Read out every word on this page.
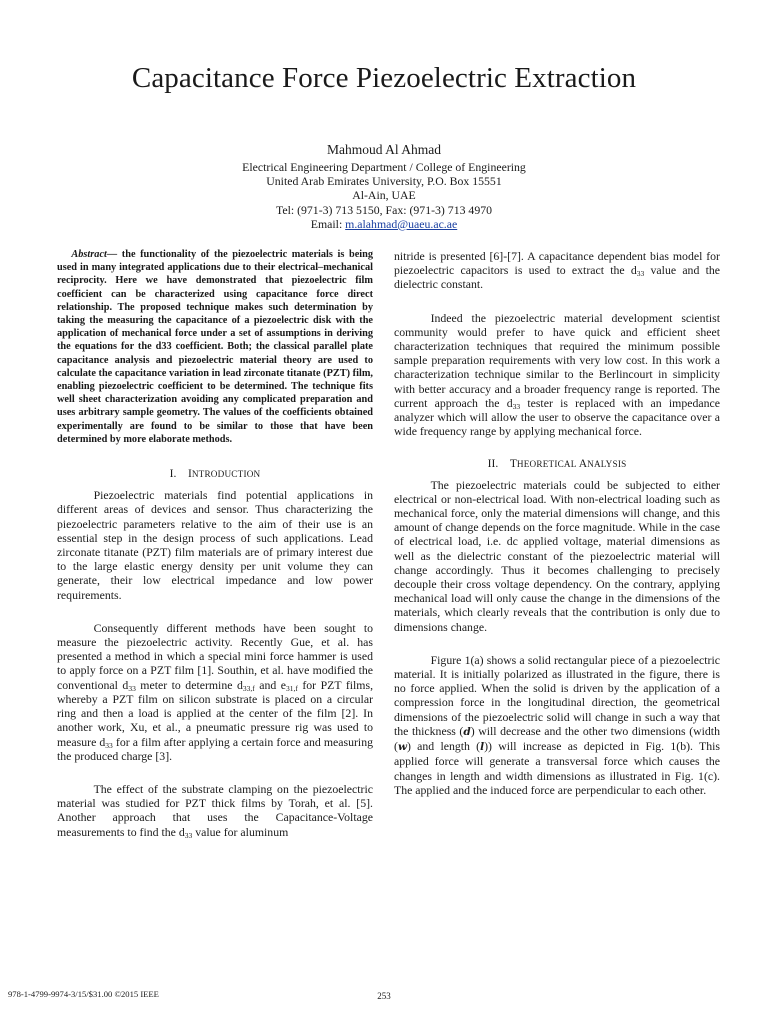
Capacitance Force Piezoelectric Extraction
Mahmoud Al Ahmad
Electrical Engineering Department / College of Engineering
United Arab Emirates University, P.O. Box 15551
Al-Ain, UAE
Tel: (971-3) 713 5150, Fax: (971-3) 713 4970
Email: m.alahmad@uaeu.ac.ae

Abstract— the functionality of the piezoelectric materials is being used in many integrated applications due to their electrical–mechanical reciprocity. Here we have demonstrated that piezoelectric film coefficient can be characterized using capacitance force direct relationship. The proposed technique makes such determination by taking the measuring the capacitance of a piezoelectric disk with the application of mechanical force under a set of assumptions in deriving the equations for the d33 coefficient. Both; the classical parallel plate capacitance analysis and piezoelectric material theory are used to calculate the capacitance variation in lead zirconate titanate (PZT) film, enabling piezoelectric coefficient to be determined. The technique fits well sheet characterization avoiding any complicated preparation and uses arbitrary sample geometry. The values of the coefficients obtained experimentally are found to be similar to those that have been determined by more elaborate methods.

I. INTRODUCTION

Piezoelectric materials find potential applications in different areas of devices and sensor. Thus characterizing the piezoelectric parameters relative to the aim of their use is an essential step in the design process of such applications. Lead zirconate titanate (PZT) film materials are of primary interest due to the large elastic energy density per unit volume they can generate, their low electrical impedance and low power requirements.

Consequently different methods have been sought to measure the piezoelectric activity. Recently Gue, et al. has presented a method in which a special mini force hammer is used to apply force on a PZT film [1]. Southin, et al. have modified the conventional $d_{33}$ meter to determine $d_{33,f}$ and $e_{31,f}$ for PZT films, whereby a PZT film on silicon substrate is placed on a circular ring and then a load is applied at the center of the film [2]. In another work, Xu, et al., a pneumatic pressure rig was used to measure $d_{33}$ for a film after applying a certain force and measuring the produced charge [3].

The effect of the substrate clamping on the piezoelectric material was studied for PZT thick films by Torah, et al. [5]. Another approach that uses the Capacitance-Voltage measurements to find the $d_{33}$ value for aluminum

nitride is presented [6]-[7]. A capacitance dependent bias model for piezoelectric capacitors is used to extract the $d_{33}$ value and the dielectric constant.

Indeed the piezoelectric material development scientist community would prefer to have quick and efficient sheet characterization techniques that required the minimum possible sample preparation requirements with very low cost. In this work a characterization technique similar to the Berlincourt in simplicity with better accuracy and a broader frequency range is reported. The current approach the $d_{33}$ tester is replaced with an impedance analyzer which will allow the user to observe the capacitance over a wide frequency range by applying mechanical force.

II. THEORETICAL ANALYSIS

The piezoelectric materials could be subjected to either electrical or non-electrical load. With non-electrical loading such as mechanical force, only the material dimensions will change, and this amount of change depends on the force magnitude. While in the case of electrical load, i.e. dc applied voltage, material dimensions as well as the dielectric constant of the piezoelectric material will change accordingly. Thus it becomes challenging to precisely decouple their cross voltage dependency. On the contrary, applying mechanical load will only cause the change in the dimensions of the materials, which clearly reveals that the contribution is only due to dimensions change.

Figure 1(a) shows a solid rectangular piece of a piezoelectric material. It is initially polarized as illustrated in the figure, there is no force applied. When the solid is driven by the application of a compression force in the longitudinal direction, the geometrical dimensions of the piezoelectric solid will change in such a way that the thickness (𝒅) will decrease and the other two dimensions (width (𝒘) and length (𝒍)) will increase as depicted in Fig. 1(b). This applied force will generate a transversal force which causes the changes in length and width dimensions as illustrated in Fig. 1(c). The applied and the induced force are perpendicular to each other.

978-1-4799-9974-3/15/$31.00 ©2015 IEEE	253
